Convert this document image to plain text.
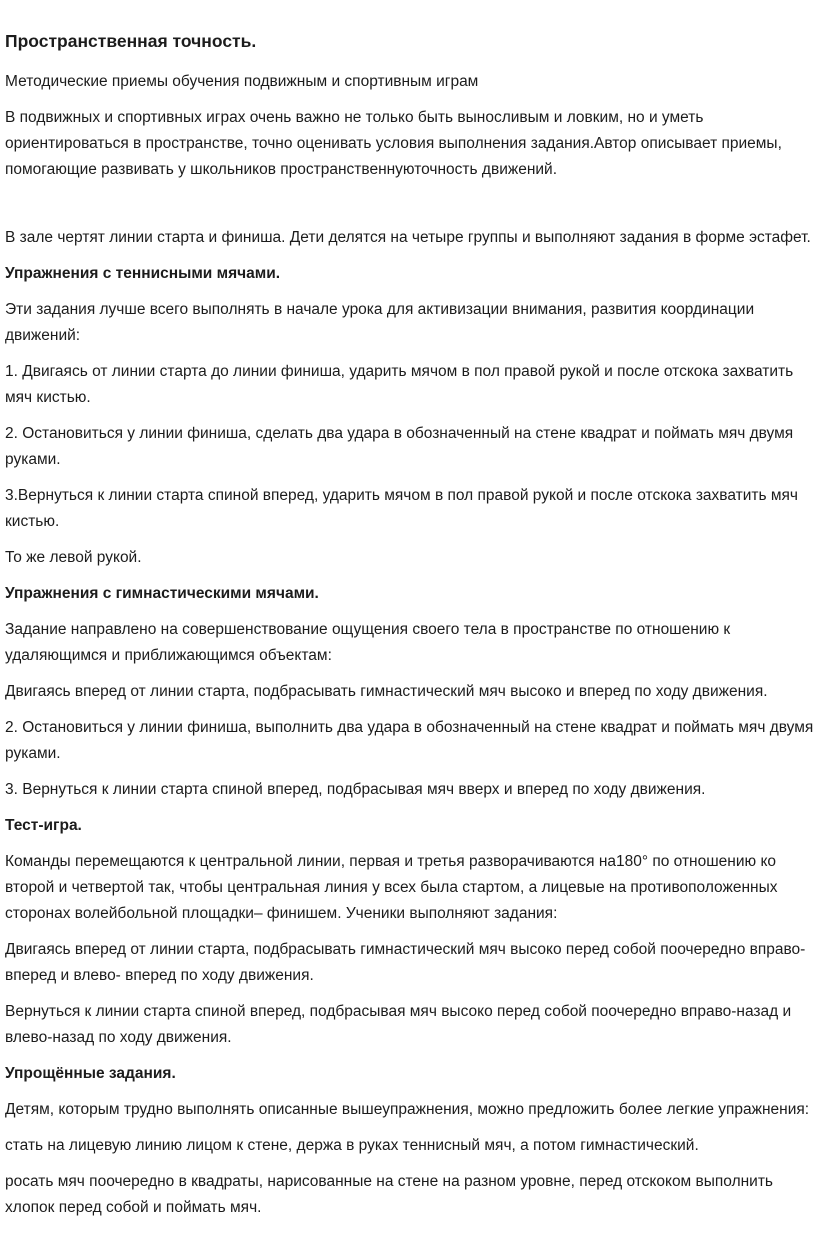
Пространственная точность.

Методические приемы обучения подвижным и спортивным играм

В подвижных и спортивных играх очень важно не только быть выносливым и ловким, но и уметь ориентироваться в пространстве, точно оценивать условия выполнения задания.Автор описывает приемы, помогающие развивать у школьников пространственнуюточность движений.

В зале чертят линии старта и финиша. Дети делятся на четыре группы и выполняют задания в форме эстафет.

Упражнения с теннисными мячами.

Эти задания лучше всего выполнять в начале урока для активизации внимания, развития координации движений:

1. Двигаясь от линии старта до линии финиша, ударить мячом в пол правой рукой и после отскока захватить мяч кистью.

2. Остановиться у линии финиша, сделать два удара в обозначенный на стене квадрат и поймать мяч двумя руками.

3.Вернуться к линии старта спиной вперед, ударить мячом в пол правой рукой и после отскока захватить мяч кистью.

То же левой рукой.

Упражнения с гимнастическими мячами.

Задание направлено на совершенствование ощущения своего тела в пространстве по отношению к удаляющимся и приближающимся объектам:

Двигаясь вперед от линии старта, подбрасывать гимнастический мяч высоко и вперед по ходу движения.

2. Остановиться у линии финиша, выполнить два удара в обозначенный на стене квадрат и поймать мяч двумя руками.

3. Вернуться к линии старта спиной вперед, подбрасывая мяч вверх и вперед по ходу движения.

Тест-игра.

Команды перемещаются к центральной линии, первая и третья разворачиваются на180° по отношению ко второй и четвертой так, чтобы центральная линия у всех была стартом, а лицевые на противоположенных сторонах волейбольной площадки– финишем. Ученики выполняют задания:

Двигаясь вперед от линии старта, подбрасывать гимнастический мяч высоко перед собой поочередно вправо-вперед и влево- вперед по ходу движения.

Вернуться к линии старта спиной вперед, подбрасывая мяч высоко перед собой поочередно вправо-назад и влево-назад по ходу движения.

Упрощённые задания.

Детям, которым трудно выполнять описанные вышеупражнения, можно предложить более легкие упражнения:

стать на лицевую линию лицом к стене, держа в руках теннисный мяч, а потом гимнастический.

росать мяч поочередно в квадраты, нарисованные на стене на разном уровне, перед отскоком выполнить хлопок перед собой и поймать мяч.
